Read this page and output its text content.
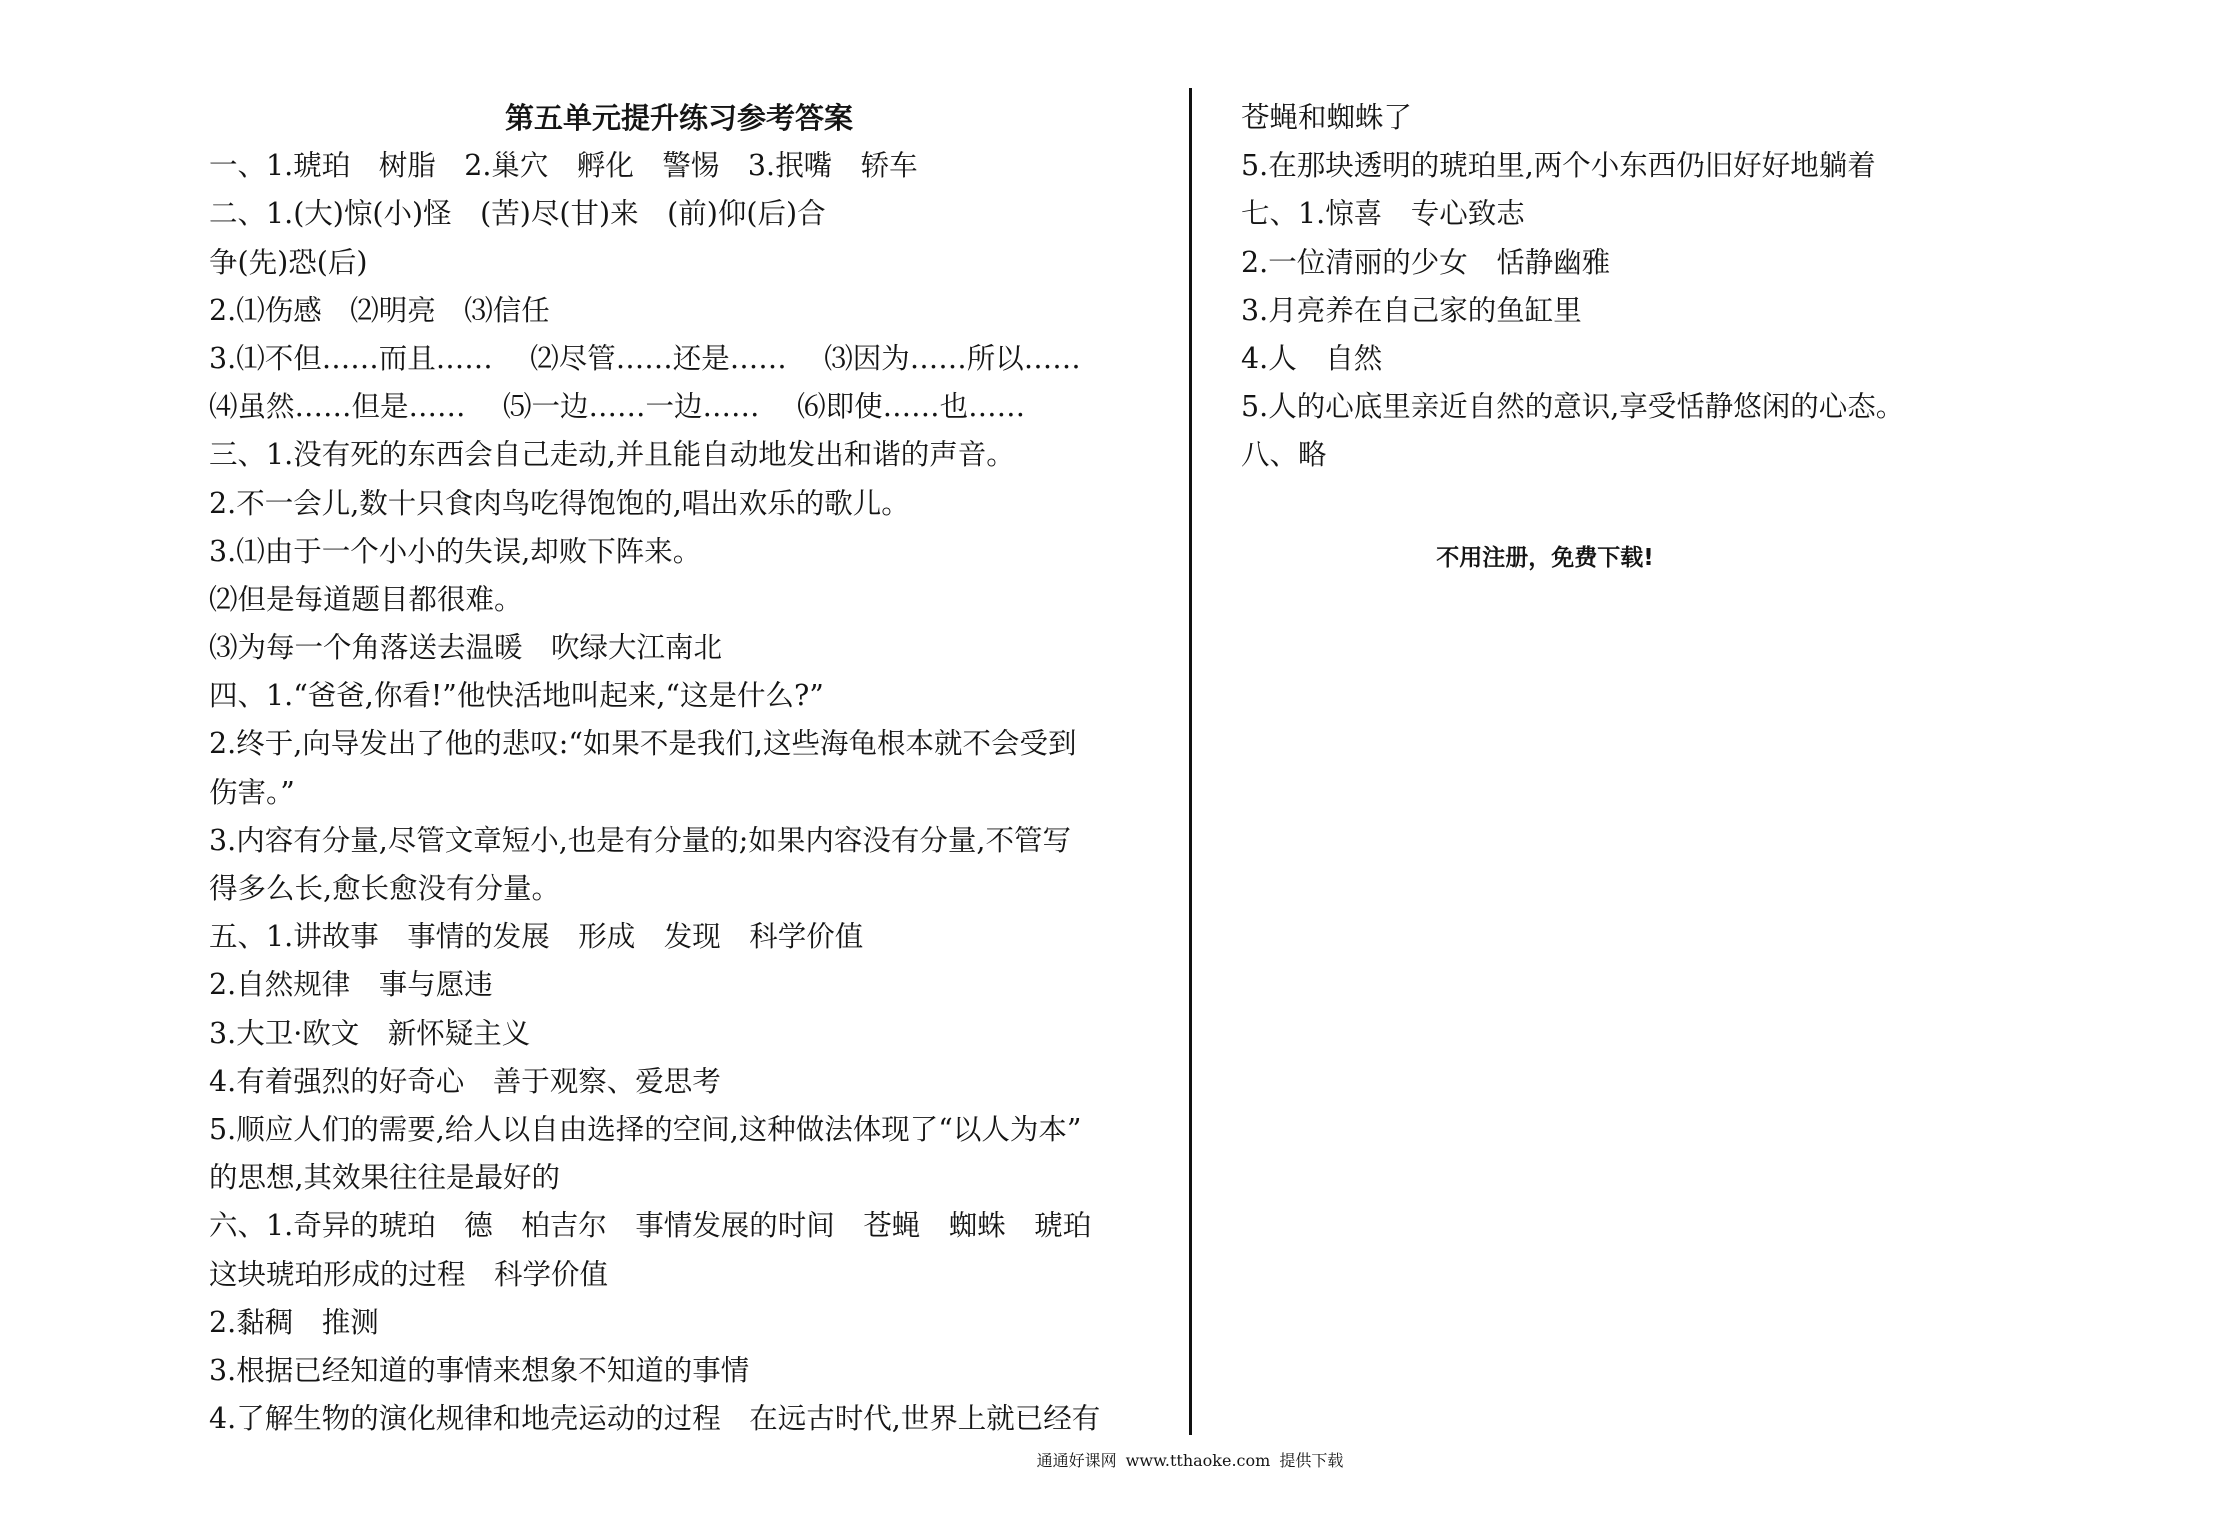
第五单元提升练习参考答案
一、1.琥珀　树脂　2.巢穴　孵化　警惕　3.抿嘴　轿车
二、1.(大)惊(小)怪　(苦)尽(甘)来　(前)仰(后)合
争(先)恐(后)
2.⑴伤感　⑵明亮　⑶信任
3.⑴不但……而且……　 ⑵尽管……还是……　 ⑶因为……所以……
⑷虽然……但是……　 ⑸一边……一边……　 ⑹即使……也……
三、1.没有死的东西会自己走动,并且能自动地发出和谐的声音。
2.不一会儿,数十只食肉鸟吃得饱饱的,唱出欢乐的歌儿。
3.⑴由于一个小小的失误,却败下阵来。
⑵但是每道题目都很难。
⑶为每一个角落送去温暖　吹绿大江南北
四、1.“爸爸,你看!”他快活地叫起来,“这是什么?”
2.终于,向导发出了他的悲叹:“如果不是我们,这些海龟根本就不会受到
伤害。”
3.内容有分量,尽管文章短小,也是有分量的;如果内容没有分量,不管写
得多么长,愈长愈没有分量。
五、1.讲故事　事情的发展　形成　发现　科学价值
2.自然规律　事与愿违
3.大卫·欧文　新怀疑主义
4.有着强烈的好奇心　善于观察、爱思考
5.顺应人们的需要,给人以自由选择的空间,这种做法体现了“以人为本”
的思想,其效果往往是最好的
六、1.奇异的琥珀　德　柏吉尔　事情发展的时间　苍蝇　蜘蛛　琥珀
这块琥珀形成的过程　科学价值
2.黏稠　推测
3.根据已经知道的事情来想象不知道的事情
4.了解生物的演化规律和地壳运动的过程　在远古时代,世界上就已经有
苍蝇和蜘蛛了
5.在那块透明的琥珀里,两个小东西仍旧好好地躺着
七、1.惊喜　专心致志
2.一位清丽的少女　恬静幽雅
3.月亮养在自己家的鱼缸里
4.人　自然
5.人的心底里亲近自然的意识,享受恬静悠闲的心态。
八、略
不用注册，免费下载!
通通好课网 www.tthaoke.com 提供下载
